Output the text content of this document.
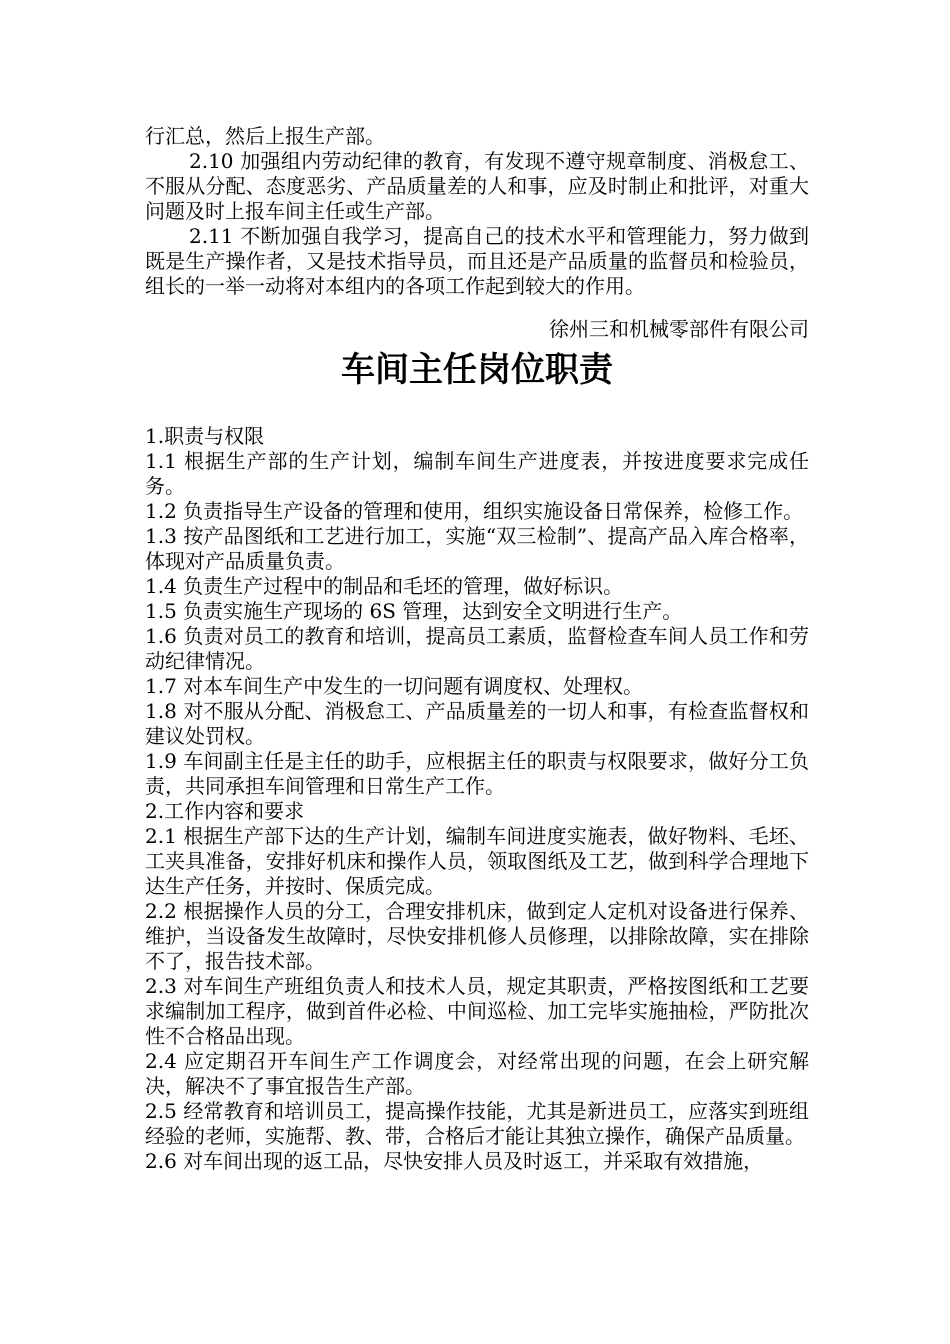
行汇总，然后上报生产部。

2.10 加强组内劳动纪律的教育，有发现不遵守规章制度、消极怠工、不服从分配、态度恶劣、产品质量差的人和事，应及时制止和批评，对重大问题及时上报车间主任或生产部。

2.11 不断加强自我学习，提高自己的技术水平和管理能力，努力做到既是生产操作者，又是技术指导员，而且还是产品质量的监督员和检验员，组长的一举一动将对本组内的各项工作起到较大的作用。

徐州三和机械零部件有限公司

车间主任岗位职责

1.职责与权限

1.1 根据生产部的生产计划，编制车间生产进度表，并按进度要求完成任务。

1.2 负责指导生产设备的管理和使用，组织实施设备日常保养，检修工作。

1.3 按产品图纸和工艺进行加工，实施“双三检制”、提高产品入库合格率，体现对产品质量负责。

1.4 负责生产过程中的制品和毛坯的管理，做好标识。

1.5 负责实施生产现场的 6S 管理，达到安全文明进行生产。

1.6 负责对员工的教育和培训，提高员工素质，监督检查车间人员工作和劳动纪律情况。

1.7 对本车间生产中发生的一切问题有调度权、处理权。

1.8 对不服从分配、消极怠工、产品质量差的一切人和事，有检查监督权和建议处罚权。

1.9 车间副主任是主任的助手，应根据主任的职责与权限要求，做好分工负责，共同承担车间管理和日常生产工作。

2.工作内容和要求

2.1 根据生产部下达的生产计划，编制车间进度实施表，做好物料、毛坯、工夹具准备，安排好机床和操作人员，领取图纸及工艺，做到科学合理地下达生产任务，并按时、保质完成。

2.2 根据操作人员的分工，合理安排机床，做到定人定机对设备进行保养、维护，当设备发生故障时，尽快安排机修人员修理，以排除故障，实在排除不了，报告技术部。

2.3 对车间生产班组负责人和技术人员，规定其职责，严格按图纸和工艺要求编制加工程序，做到首件必检、中间巡检、加工完毕实施抽检，严防批次性不合格品出现。

2.4 应定期召开车间生产工作调度会，对经常出现的问题，在会上研究解决，解决不了事宜报告生产部。

2.5 经常教育和培训员工，提高操作技能，尤其是新进员工，应落实到班组经验的老师，实施帮、教、带，合格后才能让其独立操作，确保产品质量。

2.6 对车间出现的返工品，尽快安排人员及时返工，并采取有效措施，
